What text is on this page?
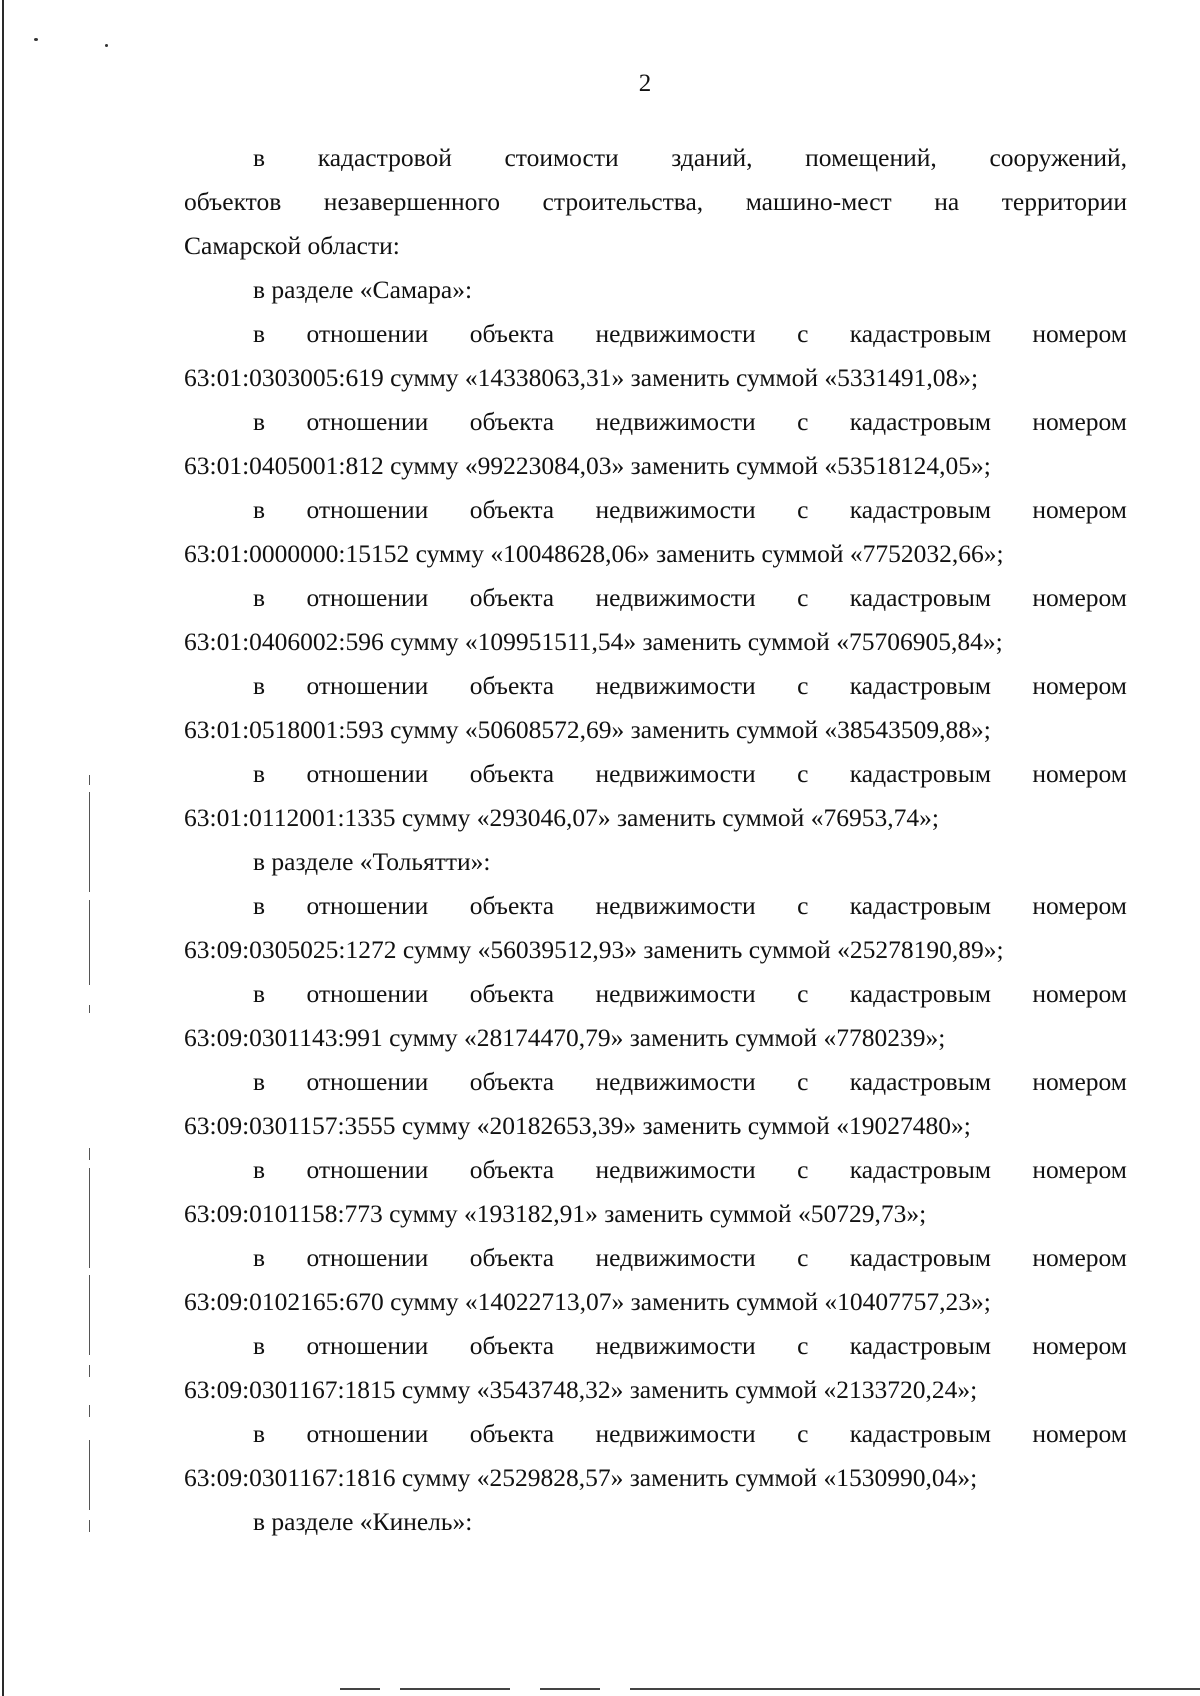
2
в кадастровой стоимости зданий, помещений, сооружений,
объектов незавершенного строительства, машино-мест на территории
Самарской области:
в разделе «Самара»:
в отношении объекта недвижимости с кадастровым номером
63:01:0303005:619 сумму «14338063,31» заменить суммой «5331491,08»;
в отношении объекта недвижимости с кадастровым номером
63:01:0405001:812 сумму «99223084,03» заменить суммой «53518124,05»;
в отношении объекта недвижимости с кадастровым номером
63:01:0000000:15152 сумму «10048628,06» заменить суммой «7752032,66»;
в отношении объекта недвижимости с кадастровым номером
63:01:0406002:596 сумму «109951511,54» заменить суммой «75706905,84»;
в отношении объекта недвижимости с кадастровым номером
63:01:0518001:593 сумму «50608572,69» заменить суммой «38543509,88»;
в отношении объекта недвижимости с кадастровым номером
63:01:0112001:1335 сумму «293046,07» заменить суммой «76953,74»;
в разделе «Тольятти»:
в отношении объекта недвижимости с кадастровым номером
63:09:0305025:1272 сумму «56039512,93» заменить суммой «25278190,89»;
в отношении объекта недвижимости с кадастровым номером
63:09:0301143:991 сумму «28174470,79» заменить суммой «7780239»;
в отношении объекта недвижимости с кадастровым номером
63:09:0301157:3555 сумму «20182653,39» заменить суммой «19027480»;
в отношении объекта недвижимости с кадастровым номером
63:09:0101158:773 сумму «193182,91» заменить суммой «50729,73»;
в отношении объекта недвижимости с кадастровым номером
63:09:0102165:670 сумму «14022713,07» заменить суммой «10407757,23»;
в отношении объекта недвижимости с кадастровым номером
63:09:0301167:1815 сумму «3543748,32» заменить суммой «2133720,24»;
в отношении объекта недвижимости с кадастровым номером
63:09:0301167:1816 сумму «2529828,57» заменить суммой «1530990,04»;
в разделе «Кинель»:
